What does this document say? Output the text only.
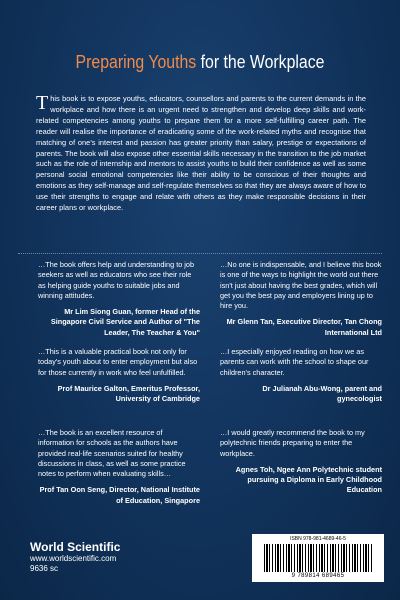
Preparing Youths for the Workplace
This book is to expose youths, educators, counsellors and parents to the current demands in the workplace and how there is an urgent need to strengthen and develop deep skills and work-related competencies among youths to prepare them for a more self-fulfilling career path. The reader will realise the importance of eradicating some of the work-related myths and recognise that matching of one's interest and passion has greater priority than salary, prestige or expectations of parents. The book will also expose other essential skills necessary in the transition to the job market such as the role of internship and mentors to assist youths to build their confidence as well as some personal social emotional competencies like their ability to be conscious of their thoughts and emotions as they self-manage and self-regulate themselves so that they are always aware of how to use their strengths to engage and relate with others as they make responsible decisions in their career plans or workplace.
…The book offers help and understanding to job seekers as well as educators who see their role as helping guide youths to suitable jobs and winning attitudes.
Mr Lim Siong Guan, former Head of the Singapore Civil Service and Author of "The Leader, The Teacher & You"
…No one is indispensable, and I believe this book is one of the ways to highlight the world out there isn't just about having the best grades, which will get you the best pay and employers lining up to hire you.
Mr Glenn Tan, Executive Director, Tan Chong International Ltd
…This is a valuable practical book not only for today's youth about to enter employment but also for those currently in work who feel unfulfilled.
Prof Maurice Galton, Emeritus Professor, University of Cambridge
…I especially enjoyed reading on how we as parents can work with the school to shape our children's character.
Dr Julianah Abu-Wong, parent and gynecologist
…The book is an excellent resource of information for schools as the authors have provided real-life scenarios suited for healthy discussions in class, as well as some practice notes to perform when evaluating skills…
Prof Tan Oon Seng, Director, National Institute of Education, Singapore
…I would greatly recommend the book to my polytechnic friends preparing to enter the workplace.
Agnes Toh, Ngee Ann Polytechnic student pursuing a Diploma in Early Childhood Education
World Scientific
www.worldscientific.com
9636 sc
ISBN 978-981-4689-46-5
9 789814 689465
